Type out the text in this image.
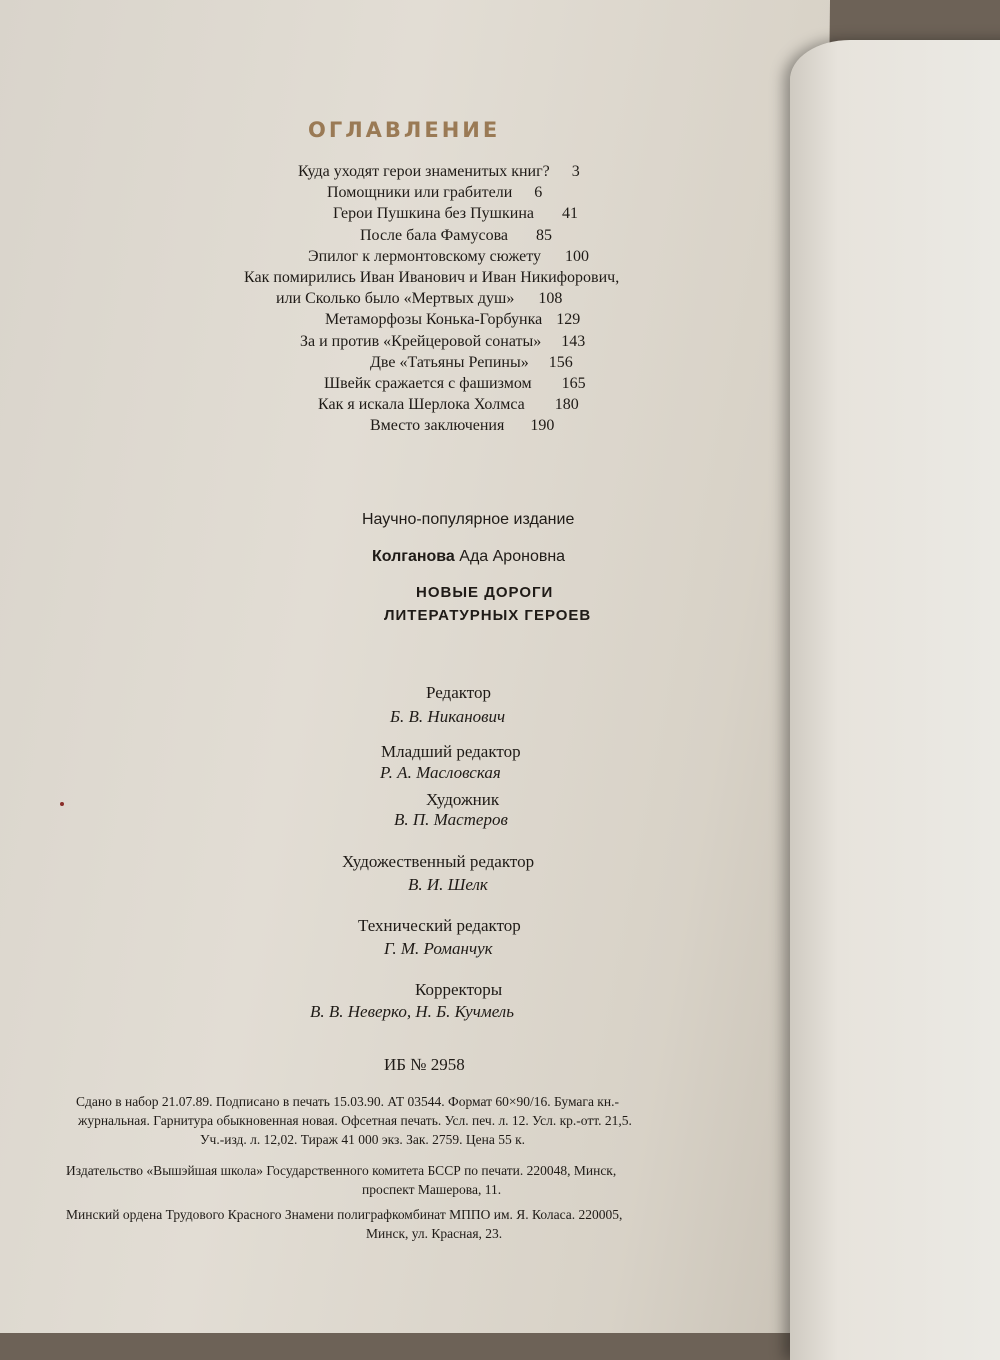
ОГЛАВЛЕНИЕ
Куда уходят герои знаменитых книг? 3
Помощники или грабители 6
Герои Пушкина без Пушкина 41
После бала Фамусова 85
Эпилог к лермонтовскому сюжету 100
Как помирились Иван Иванович и Иван Никифорович,
или Сколько было «Мертвых душ» 108
Метаморфозы Конька-Горбунка 129
За и против «Крейцеровой сонаты» 143
Две «Татьяны Репины» 156
Швейк сражается с фашизмом 165
Как я искала Шерлока Холмса 180
Вместо заключения 190
Научно-популярное издание
Колганова Ада Ароновна
НОВЫЕ ДОРОГИ
ЛИТЕРАТУРНЫХ ГЕРОЕВ
Редактор
Б. В. Никанович
Младший редактор
Р. А. Масловская
Художник
В. П. Мастеров
Художественный редактор
В. И. Шелк
Технический редактор
Г. М. Романчук
Корректоры
В. В. Неверко, Н. Б. Кучмель
ИБ № 2958
Сдано в набор 21.07.89. Подписано в печать 15.03.90. АТ 03544. Формат 60×90/16. Бумага кн.-
журнальная. Гарнитура обыкновенная новая. Офсетная печать. Усл. печ. л. 12. Усл. кр.-отт. 21,5.
Уч.-изд. л. 12,02. Тираж 41 000 экз. Зак. 2759. Цена 55 к.
Издательство «Вышэйшая школа» Государственного комитета БССР по печати. 220048, Минск,
проспект Машерова, 11.
Минский ордена Трудового Красного Знамени полиграфкомбинат МППО им. Я. Коласа. 220005,
Минск, ул. Красная, 23.
